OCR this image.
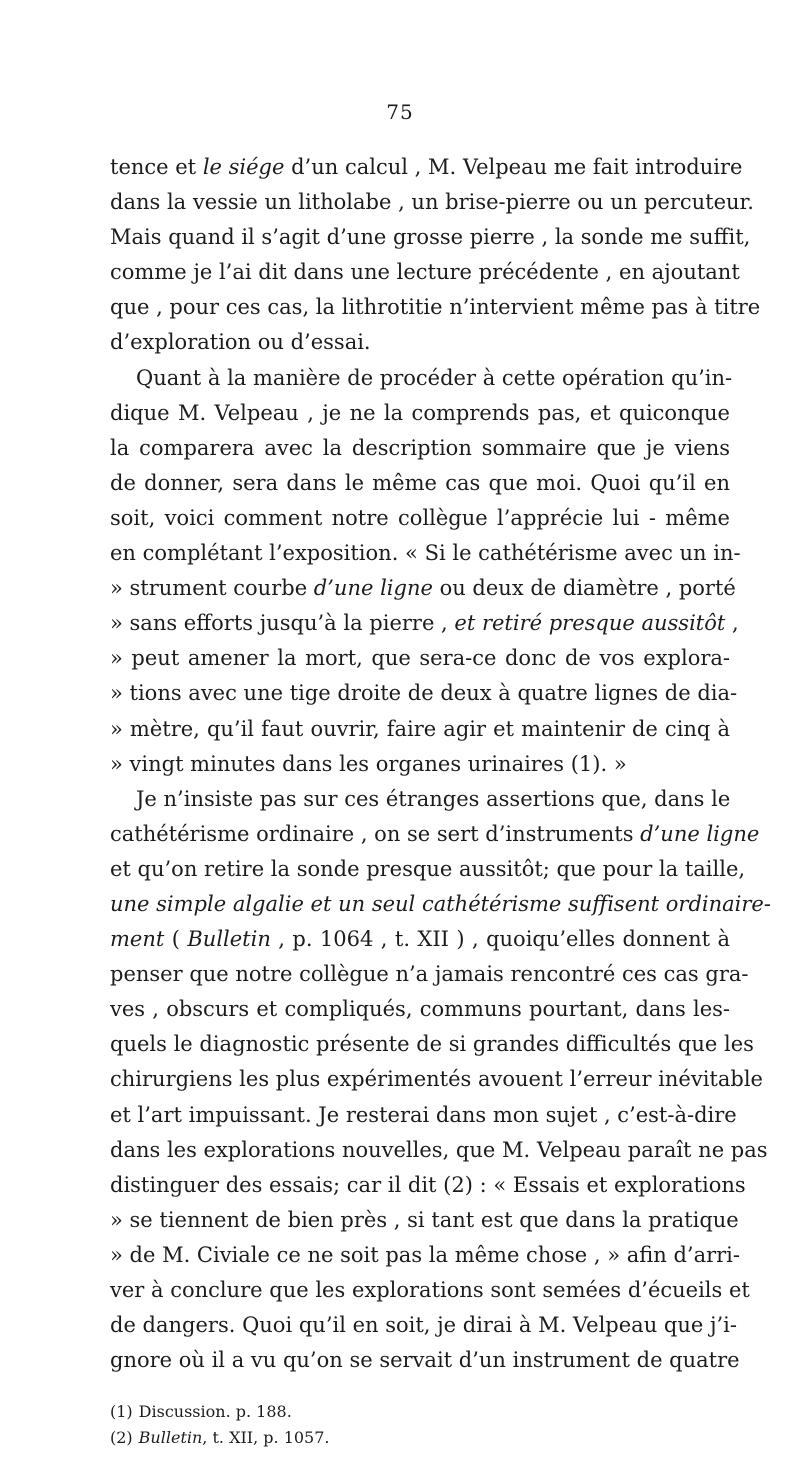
75
tence et le siége d’un calcul , M. Velpeau me fait introduire
dans la vessie un litholabe , un brise-pierre ou un percuteur.
Mais quand il s’agit d’une grosse pierre , la sonde me suffit,
comme je l’ai dit dans une lecture précédente , en ajoutant
que , pour ces cas, la lithrotitie n’intervient même pas à titre
d’exploration ou d’essai.
Quant à la manière de procéder à cette opération qu’in-
dique M. Velpeau , je ne la comprends pas, et quiconque
la comparera avec la description sommaire que je viens
de donner, sera dans le même cas que moi. Quoi qu’il en
soit, voici comment notre collègue l’apprécie lui - même
en complétant l’exposition. « Si le cathétérisme avec un in-
» strument courbe d’une ligne ou deux de diamètre , porté
» sans efforts jusqu’à la pierre , et retiré presque aussitôt ,
» peut amener la mort, que sera-ce donc de vos explora-
» tions avec une tige droite de deux à quatre lignes de dia-
» mètre, qu’il faut ouvrir, faire agir et maintenir de cinq à
» vingt minutes dans les organes urinaires (1). »
Je n’insiste pas sur ces étranges assertions que, dans le
cathétérisme ordinaire , on se sert d’instruments d’une ligne
et qu’on retire la sonde presque aussitôt; que pour la taille,
une simple algalie et un seul cathétérisme suffisent ordinaire-
ment ( Bulletin , p. 1064 , t. XII ) , quoiqu’elles donnent à
penser que notre collègue n’a jamais rencontré ces cas gra-
ves , obscurs et compliqués, communs pourtant, dans les-
quels le diagnostic présente de si grandes difficultés que les
chirurgiens les plus expérimentés avouent l’erreur inévitable
et l’art impuissant. Je resterai dans mon sujet , c’est-à-dire
dans les explorations nouvelles, que M. Velpeau paraît ne pas
distinguer des essais; car il dit (2) : « Essais et explorations
» se tiennent de bien près , si tant est que dans la pratique
» de M. Civiale ce ne soit pas la même chose , » afin d’arri-
ver à conclure que les explorations sont semées d’écueils et
de dangers. Quoi qu’il en soit, je dirai à M. Velpeau que j’i-
gnore où il a vu qu’on se servait d’un instrument de quatre
(1) Discussion. p. 188.
(2) Bulletin, t. XII, p. 1057.
